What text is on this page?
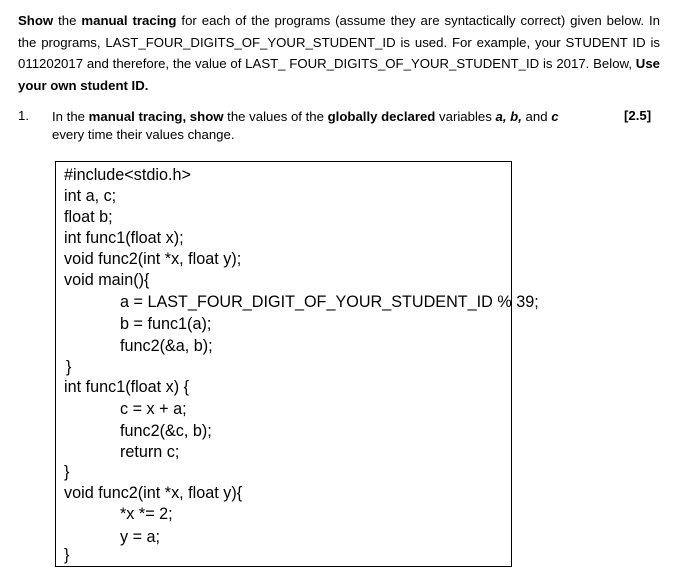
Show the manual tracing for each of the programs (assume they are syntactically correct) given below. In the programs, LAST_FOUR_DIGITS_OF_YOUR_STUDENT_ID is used. For example, your STUDENT ID is 011202017 and therefore, the value of LAST_ FOUR_DIGITS_OF_YOUR_STUDENT_ID is 2017. Below, Use your own student ID.
1. In the manual tracing, show the values of the globally declared variables a, b, and c every time their values change.
[2.5]
#include<stdio.h>
int a, c;
float b;
int func1(float x);
void func2(int *x, float y);
void main(){
a = LAST_FOUR_DIGIT_OF_YOUR_STUDENT_ID % 39;
b = func1(a);
func2(&a, b);
}
int func1(float x) {
c = x + a;
func2(&c, b);
return c;
}
void func2(int *x, float y){
*x *= 2;
y = a;
}
